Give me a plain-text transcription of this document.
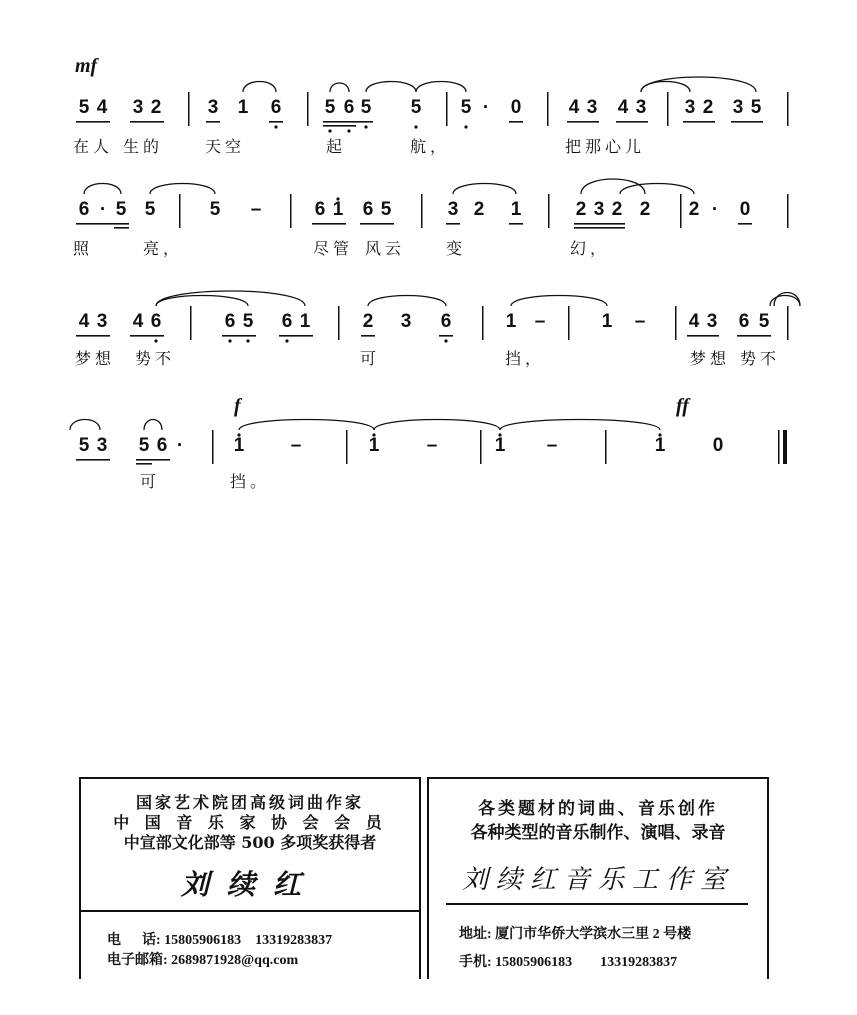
mf
f	ff
5 4 3 2 3 1 6 5 6 5 5 5 · 0 4 3 4 3 3 2 3 5
在人 生的	天空	起	航，	把那心儿
6 · 5 5	5 –	6 1 6 5	3 2 1	2 3 2 2 2 · 0
照	亮，	尽管 风云	变	幻，
4 3 4 6	6 5 6 1	2 3 6	1 –	1 – 4 3 6 5
梦想 势不	可	挡，	梦想 势不
5 3 5 6 ·	1 –	1 –	1 –	1 0
可	挡。
国家艺术院团高级词曲作家
中 国 音 乐 家 协 会 会 员
中宣部文化部等 500 多项奖获得者
刘续红
电      话: 15805906183    13319283837
电子邮箱: 2689871928@qq.com
各类题材的词曲、音乐创作
各种类型的音乐制作、演唱、录音
刘续红音乐工作室
地址: 厦门市华侨大学滨水三里 2 号楼
手机: 15805906183        13319283837
